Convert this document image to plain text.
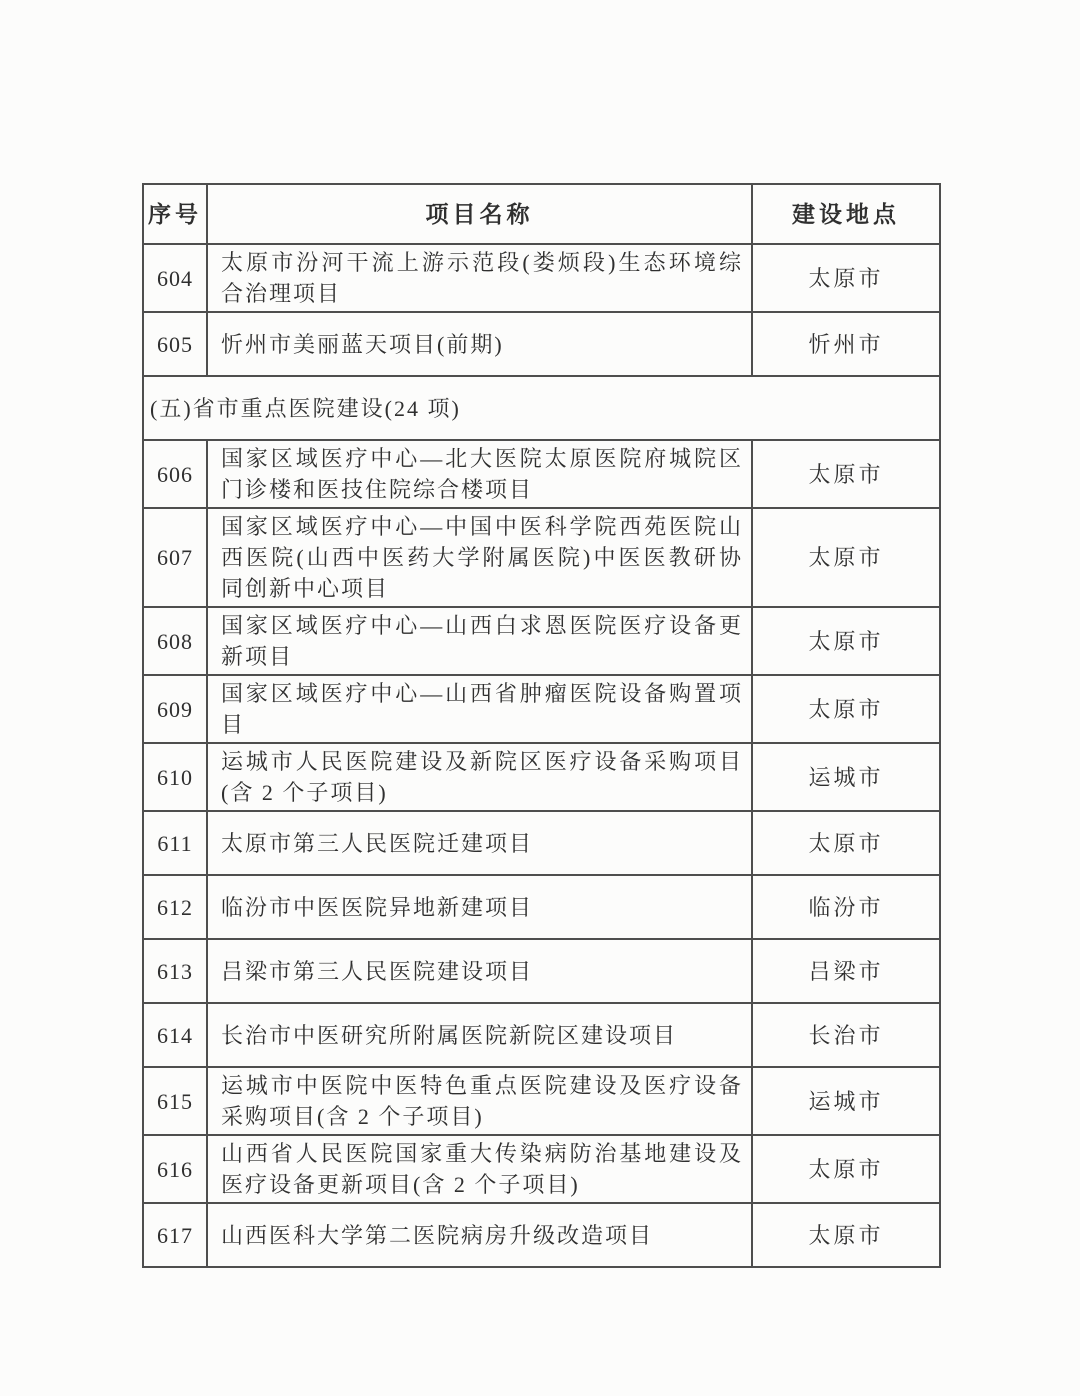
序号	项目名称	建设地点
604	太原市汾河干流上游示范段(娄烦段)生态环境综合治理项目	太原市
605	忻州市美丽蓝天项目(前期)	忻州市
(五)省市重点医院建设(24 项)		
606	国家区域医疗中心—北大医院太原医院府城院区门诊楼和医技住院综合楼项目	太原市
607	国家区域医疗中心—中国中医科学院西苑医院山西医院(山西中医药大学附属医院)中医医教研协同创新中心项目	太原市
608	国家区域医疗中心—山西白求恩医院医疗设备更新项目	太原市
609	国家区域医疗中心—山西省肿瘤医院设备购置项目	太原市
610	运城市人民医院建设及新院区医疗设备采购项目(含 2 个子项目)	运城市
611	太原市第三人民医院迁建项目	太原市
612	临汾市中医医院异地新建项目	临汾市
613	吕梁市第三人民医院建设项目	吕梁市
614	长治市中医研究所附属医院新院区建设项目	长治市
615	运城市中医院中医特色重点医院建设及医疗设备采购项目(含 2 个子项目)	运城市
616	山西省人民医院国家重大传染病防治基地建设及医疗设备更新项目(含 2 个子项目)	太原市
617	山西医科大学第二医院病房升级改造项目	太原市
